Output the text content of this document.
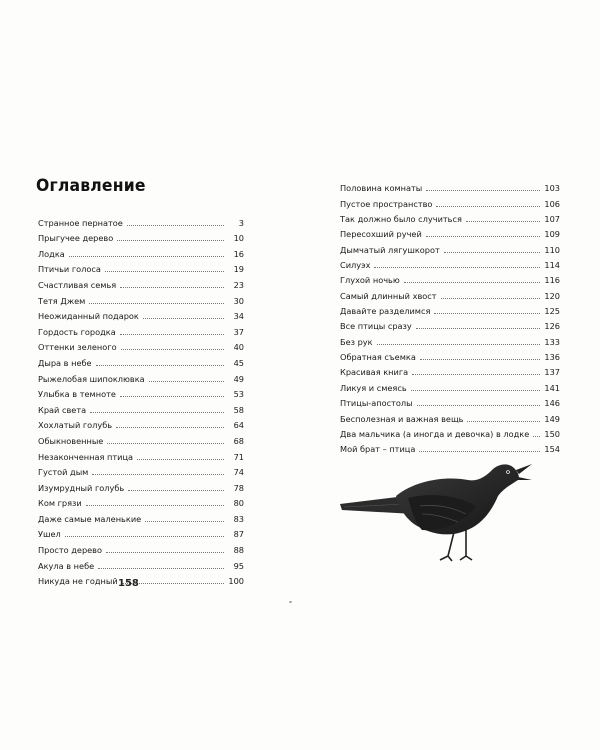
Оглавление
Странное пернатое	3
Прыгучее дерево	10
Лодка	16
Птичьи голоса	19
Счастливая семья	23
Тетя Джем	30
Неожиданный подарок	34
Гордость городка	37
Оттенки зеленого	40
Дыра в небе	45
Рыжелобая шипоклювка	49
Улыбка в темноте	53
Край света	58
Хохлатый голубь	64
Обыкновенные	68
Незаконченная птица	71
Густой дым	74
Изумрудный голубь	78
Ком грязи	80
Даже самые маленькие	83
Ушел	87
Просто дерево	88
Акула в небе	95
Никуда не годный	100
Половина комнаты	103
Пустое пространство	106
Так должно было случиться	107
Пересохший ручей	109
Дымчатый лягушкорот	110
Силуэх	114
Глухой ночью	116
Самый длинный хвост	120
Давайте разделимся	125
Все птицы сразу	126
Без рук	133
Обратная съемка	136
Красивая книга	137
Ликуя и смеясь	141
Птицы-апостолы	146
Бесполезная и важная вещь	149
Два мальчика (а иногда и девочка) в лодке 150
Мой брат – птица	154
158
